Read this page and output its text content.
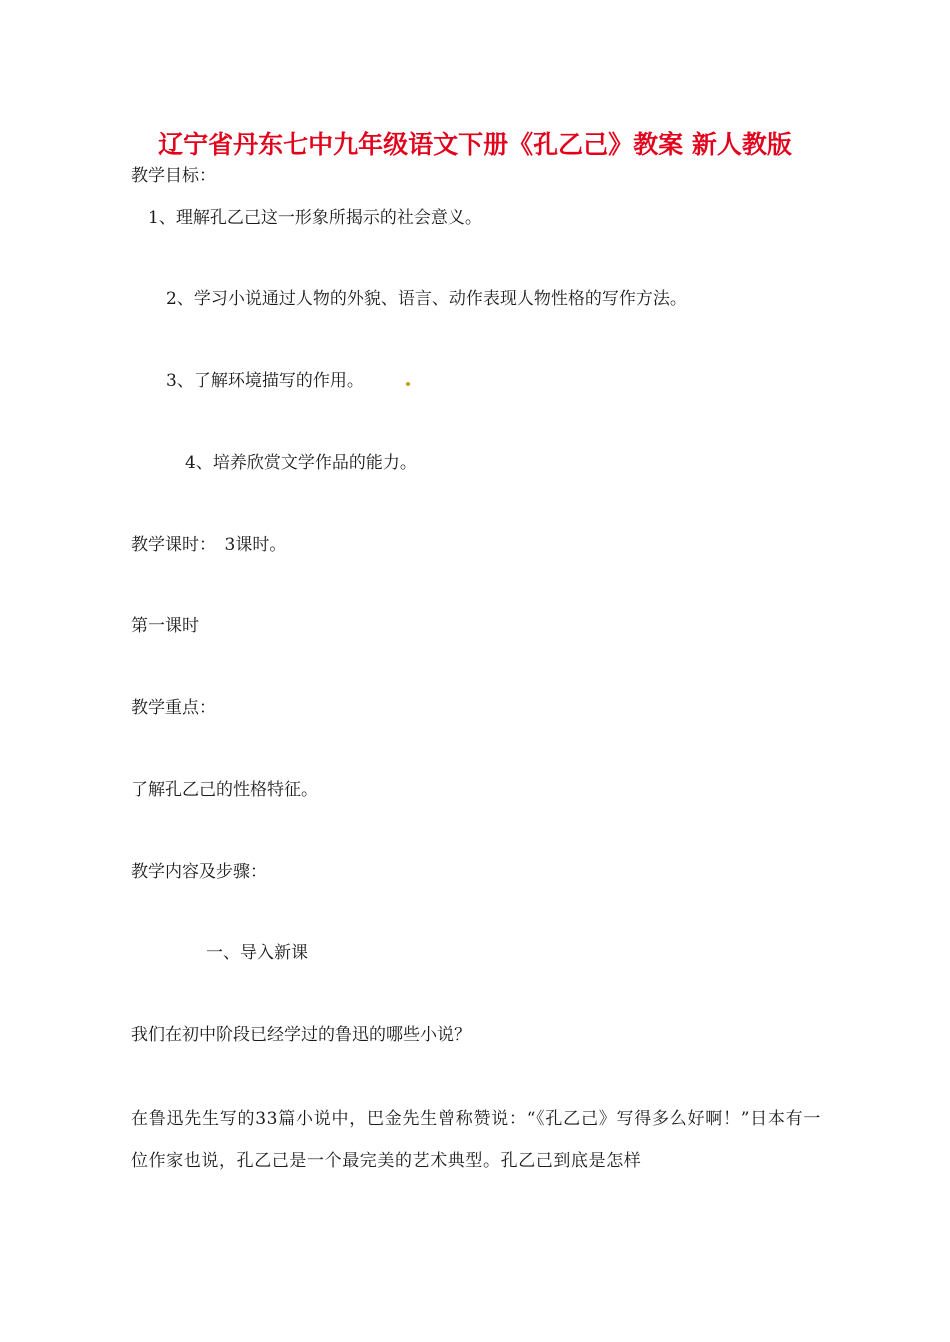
辽宁省丹东七中九年级语文下册《孔乙己》教案 新人教版
教学目标：
1、理解孔乙己这一形象所揭示的社会意义。
2、学习小说通过人物的外貌、语言、动作表现人物性格的写作方法。
3、了解环境描写的作用。
4、培养欣赏文学作品的能力。
教学课时：　3课时。
第一课时
教学重点：
了解孔乙己的性格特征。
教学内容及步骤：
一、导入新课
我们在初中阶段已经学过的鲁迅的哪些小说？
在鲁迅先生写的33篇小说中，巴金先生曾称赞说：“《孔乙己》写得多么好啊！”日本有一位作家也说，孔乙己是一个最完美的艺术典型。孔乙己到底是怎样
